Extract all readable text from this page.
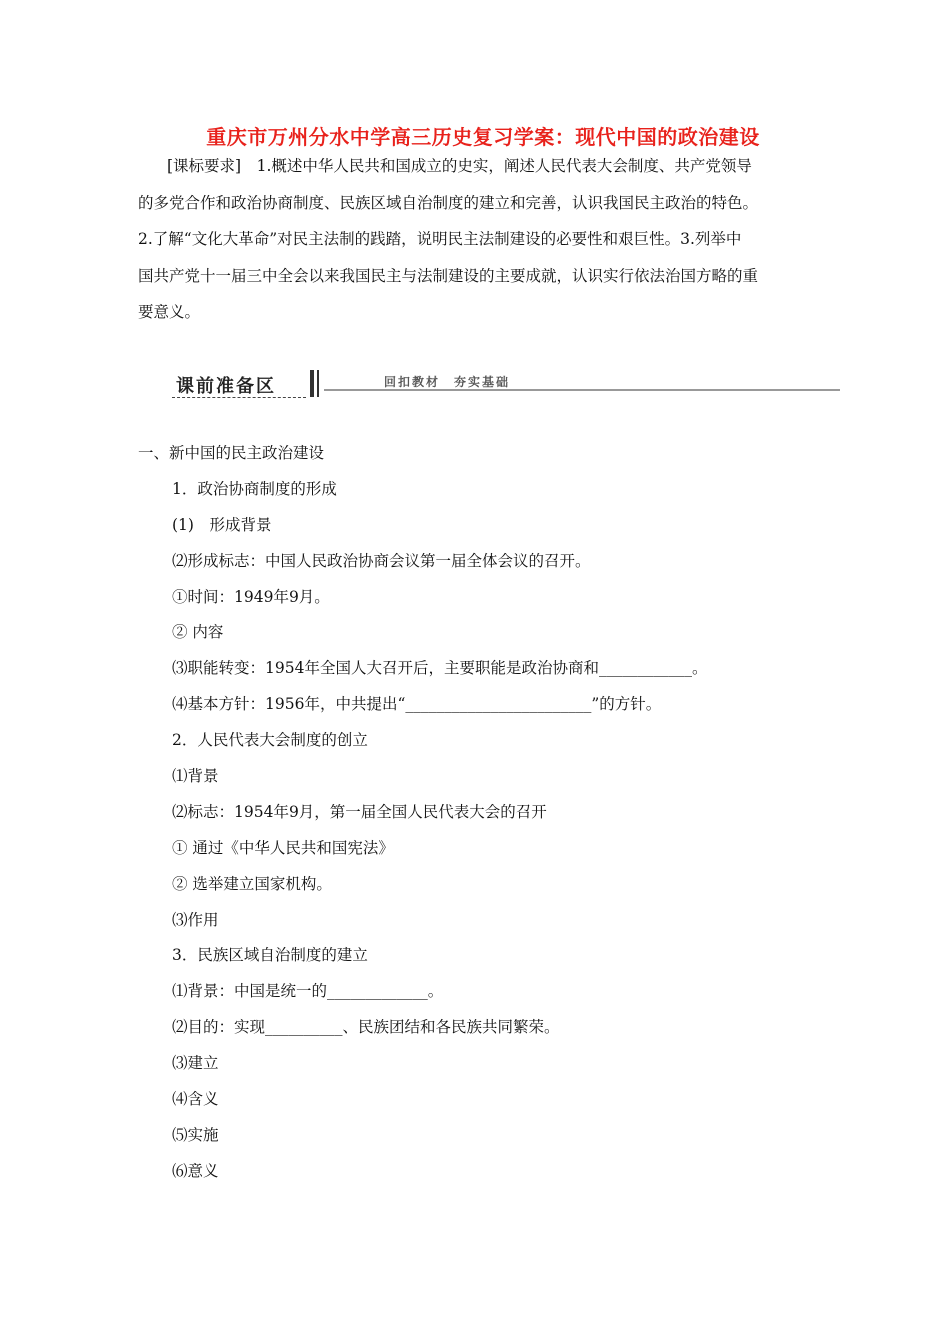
重庆市万州分水中学高三历史复习学案：现代中国的政治建设
[课标要求]　1.概述中华人民共和国成立的史实，阐述人民代表大会制度、共产党领导
的多党合作和政治协商制度、民族区域自治制度的建立和完善，认识我国民主政治的特色。
2.了解“文化大革命”对民主法制的践踏，说明民主法制建设的必要性和艰巨性。3.列举中
国共产党十一届三中全会以来我国民主与法制建设的主要成就，认识实行依法治国方略的重
要意义。
课前准备区	回扣教材　夯实基础
一、新中国的民主政治建设
1．政治协商制度的形成
(1)　形成背景
⑵形成标志：中国人民政治协商会议第一届全体会议的召开。
①时间：1949年9月。
② 内容
⑶职能转变：1954年全国人大召开后，主要职能是政治协商和____________。
⑷基本方针：1956年，中共提出“________________________”的方针。
2．人民代表大会制度的创立
⑴背景
⑵标志：1954年9月，第一届全国人民代表大会的召开
① 通过《中华人民共和国宪法》
② 选举建立国家机构。
⑶作用
3．民族区域自治制度的建立
⑴背景：中国是统一的_____________。
⑵目的：实现__________、民族团结和各民族共同繁荣。
⑶建立
⑷含义
⑸实施
⑹意义
